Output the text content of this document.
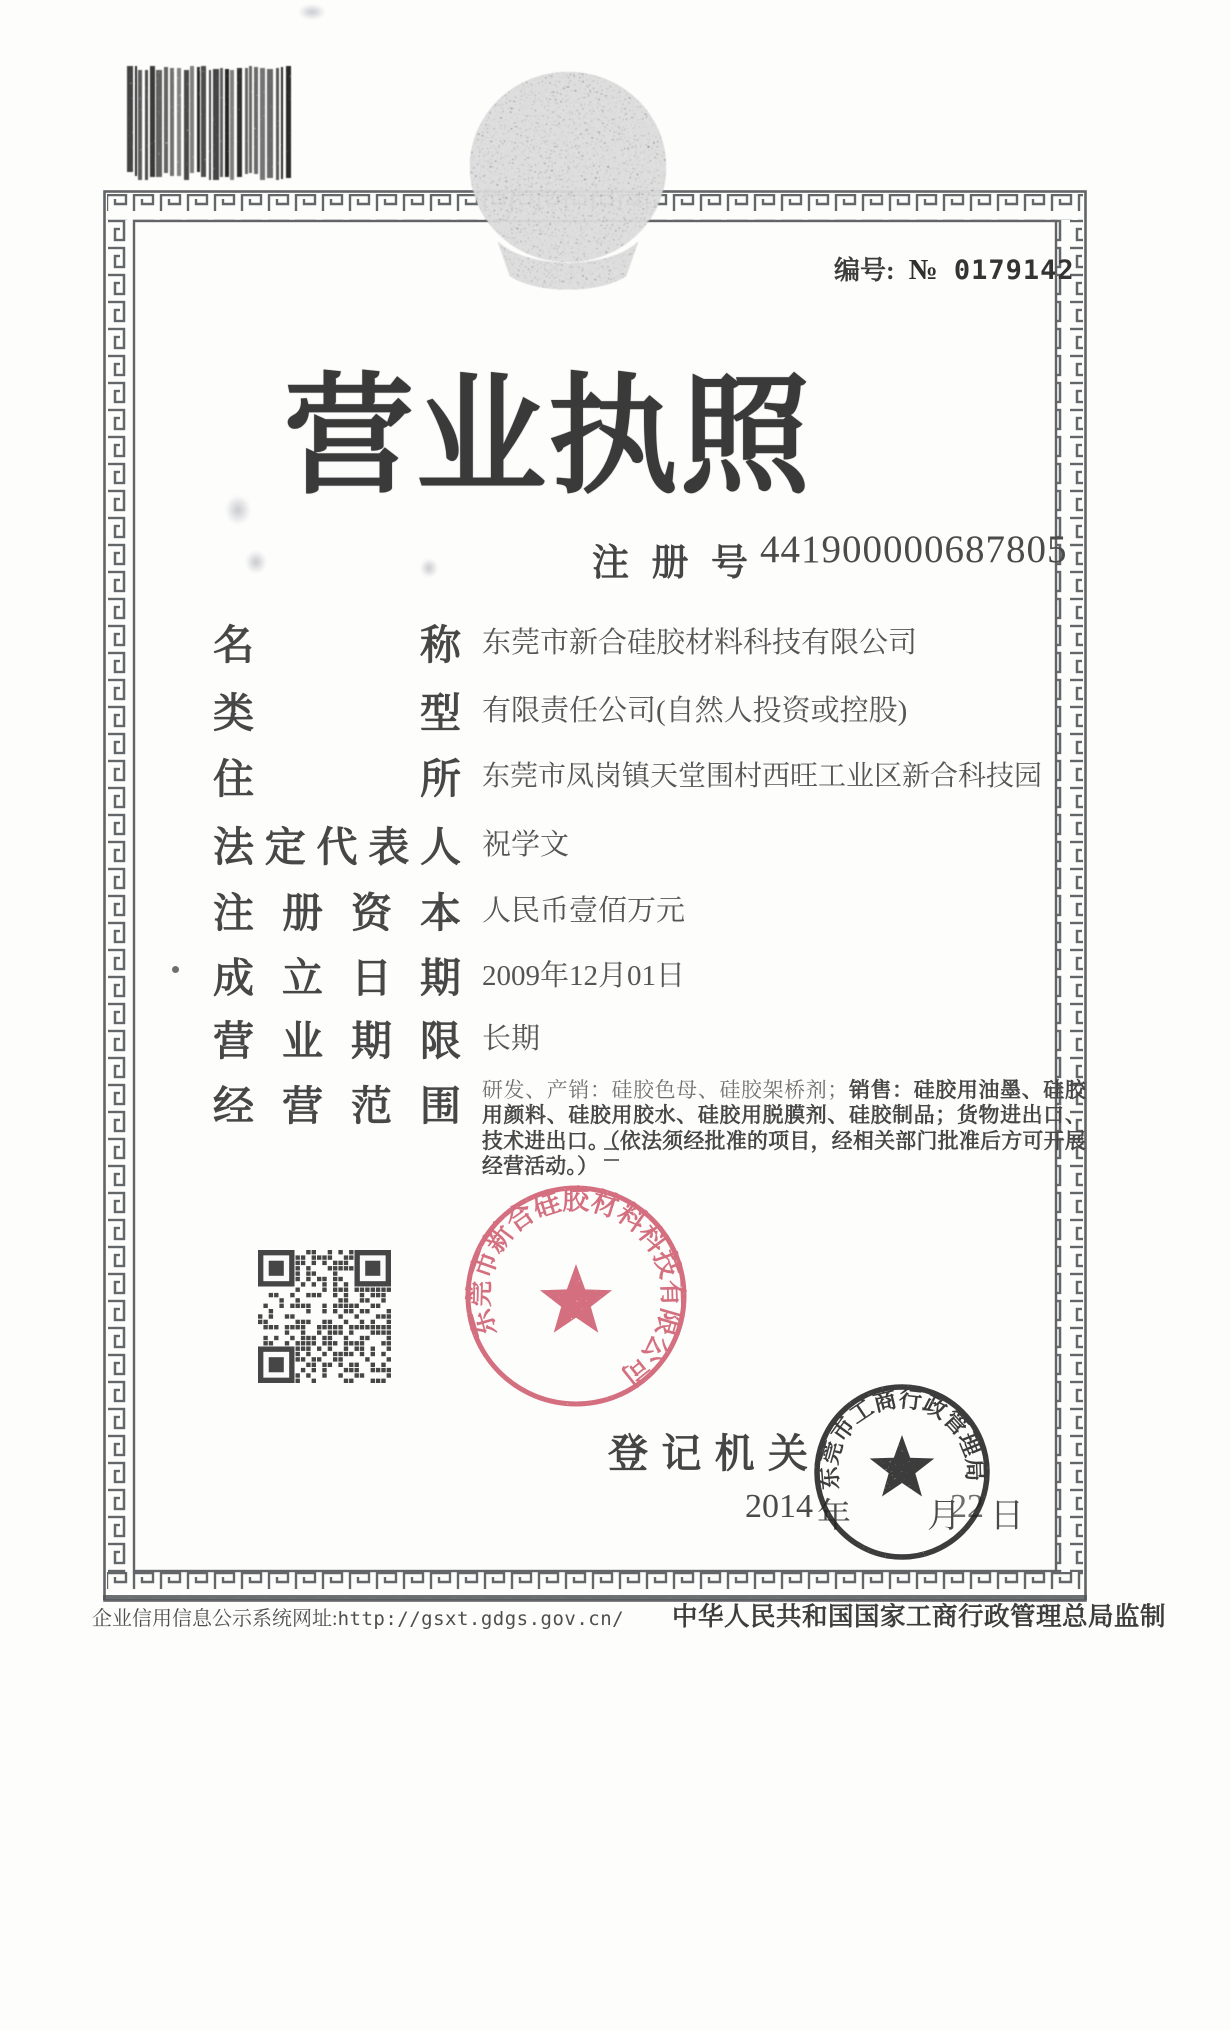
编号: № 0179142
营 业 执 照
注 册 号 441900000687805
名	称 东莞市新合硅胶材料科技有限公司
类	型 有限责任公司(自然人投资或控股)
住	所 东莞市凤岗镇天堂围村西旺工业区新合科技园
法 定 代 表 人 祝学文
注 册 资 本 人民币壹佰万元
成 立 日 期 2009年12月01日
营 业 期 限 长期
经 营 范 围 研发、产销：硅胶色母、硅胶架桥剂；销售：硅胶用油墨、硅胶用颜料、硅胶用胶水、硅胶用脱膜剂、硅胶制品；货物进出口、技术进出口。（依法须经批准的项目，经相关部门批准后方可开展经营活动。）
东莞市新合硅胶材料科技有限公司
登 记 机 关
2014 年 月
22 日
东莞市工商行政管理局
企业信用信息公示系统网址:http://gsxt.gdgs.gov.cn/ 中华人民共和国国家工商行政管理总局监制
